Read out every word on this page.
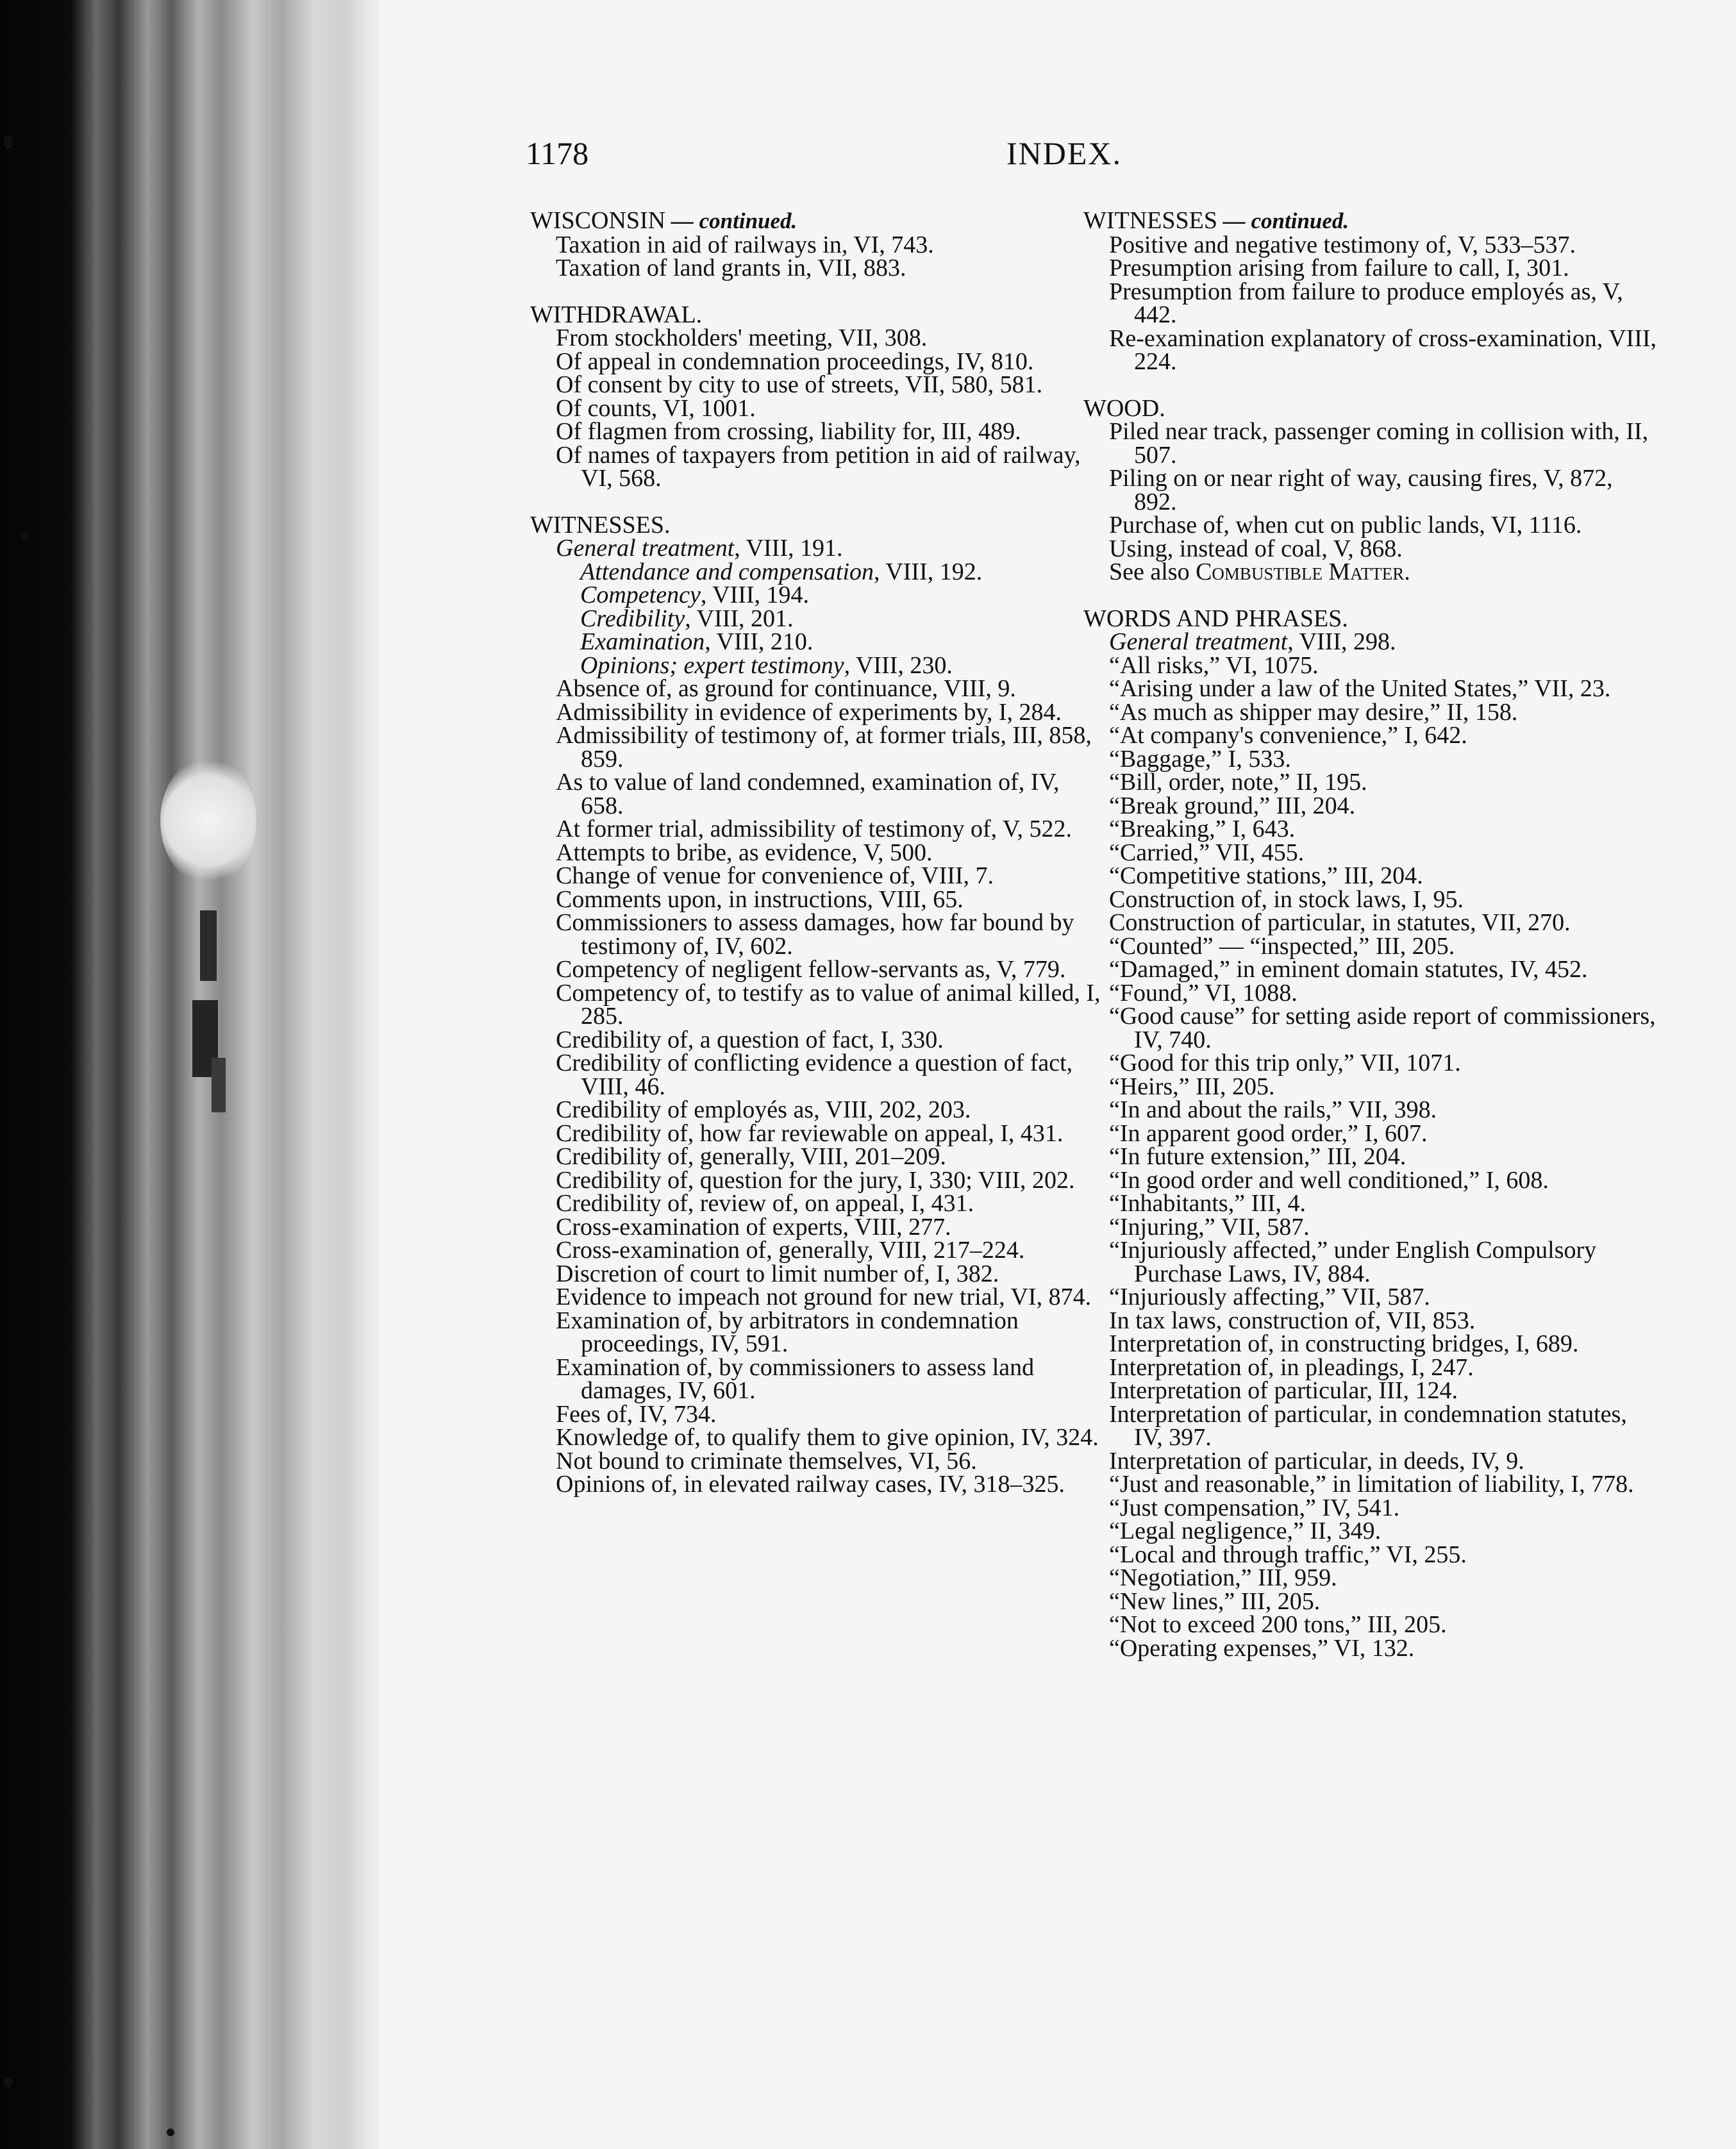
1178	INDEX.
WISCONSIN — continued.
Taxation in aid of railways in, VI, 743.
Taxation of land grants in, VII, 883.
WITHDRAWAL.
From stockholders' meeting, VII, 308.
Of appeal in condemnation proceedings, IV, 810.
Of consent by city to use of streets, VII, 580, 581.
Of counts, VI, 1001.
Of flagmen from crossing, liability for, III, 489.
Of names of taxpayers from petition in aid of railway, VI, 568.
WITNESSES.
General treatment, VIII, 191.
Attendance and compensation, VIII, 192.
Competency, VIII, 194.
Credibility, VIII, 201.
Examination, VIII, 210.
Opinions; expert testimony, VIII, 230.
Absence of, as ground for continuance, VIII, 9.
Admissibility in evidence of experiments by, I, 284.
Admissibility of testimony of, at former trials, III, 858, 859.
As to value of land condemned, examination of, IV, 658.
At former trial, admissibility of testimony of, V, 522.
Attempts to bribe, as evidence, V, 500.
Change of venue for convenience of, VIII, 7.
Comments upon, in instructions, VIII, 65.
Commissioners to assess damages, how far bound by testimony of, IV, 602.
Competency of negligent fellow-servants as, V, 779.
Competency of, to testify as to value of animal killed, I, 285.
Credibility of, a question of fact, I, 330.
Credibility of conflicting evidence a question of fact, VIII, 46.
Credibility of employés as, VIII, 202, 203.
Credibility of, how far reviewable on appeal, I, 431.
Credibility of, generally, VIII, 201–209.
Credibility of, question for the jury, I, 330; VIII, 202.
Credibility of, review of, on appeal, I, 431.
Cross-examination of experts, VIII, 277.
Cross-examination of, generally, VIII, 217–224.
Discretion of court to limit number of, I, 382.
Evidence to impeach not ground for new trial, VI, 874.
Examination of, by arbitrators in condemnation proceedings, IV, 591.
Examination of, by commissioners to assess land damages, IV, 601.
Fees of, IV, 734.
Knowledge of, to qualify them to give opinion, IV, 324.
Not bound to criminate themselves, VI, 56.
Opinions of, in elevated railway cases, IV, 318–325.
WITNESSES — continued.
Positive and negative testimony of, V, 533–537.
Presumption arising from failure to call, I, 301.
Presumption from failure to produce employés as, V, 442.
Re-examination explanatory of cross-examination, VIII, 224.
WOOD.
Piled near track, passenger coming in collision with, II, 507.
Piling on or near right of way, causing fires, V, 872, 892.
Purchase of, when cut on public lands, VI, 1116.
Using, instead of coal, V, 868.
See also Combustible Matter.
WORDS AND PHRASES.
General treatment, VIII, 298.
“All risks,” VI, 1075.
“Arising under a law of the United States,” VII, 23.
“As much as shipper may desire,” II, 158.
“At company's convenience,” I, 642.
“Baggage,” I, 533.
“Bill, order, note,” II, 195.
“Break ground,” III, 204.
“Breaking,” I, 643.
“Carried,” VII, 455.
“Competitive stations,” III, 204.
Construction of, in stock laws, I, 95.
Construction of particular, in statutes, VII, 270.
“Counted” — “inspected,” III, 205.
“Damaged,” in eminent domain statutes, IV, 452.
“Found,” VI, 1088.
“Good cause” for setting aside report of commissioners, IV, 740.
“Good for this trip only,” VII, 1071.
“Heirs,” III, 205.
“In and about the rails,” VII, 398.
“In apparent good order,” I, 607.
“In future extension,” III, 204.
“In good order and well conditioned,” I, 608.
“Inhabitants,” III, 4.
“Injuring,” VII, 587.
“Injuriously affected,” under English Compulsory Purchase Laws, IV, 884.
“Injuriously affecting,” VII, 587.
In tax laws, construction of, VII, 853.
Interpretation of, in constructing bridges, I, 689.
Interpretation of, in pleadings, I, 247.
Interpretation of particular, III, 124.
Interpretation of particular, in condemnation statutes, IV, 397.
Interpretation of particular, in deeds, IV, 9.
“Just and reasonable,” in limitation of liability, I, 778.
“Just compensation,” IV, 541.
“Legal negligence,” II, 349.
“Local and through traffic,” VI, 255.
“Negotiation,” III, 959.
“New lines,” III, 205.
“Not to exceed 200 tons,” III, 205.
“Operating expenses,” VI, 132.
